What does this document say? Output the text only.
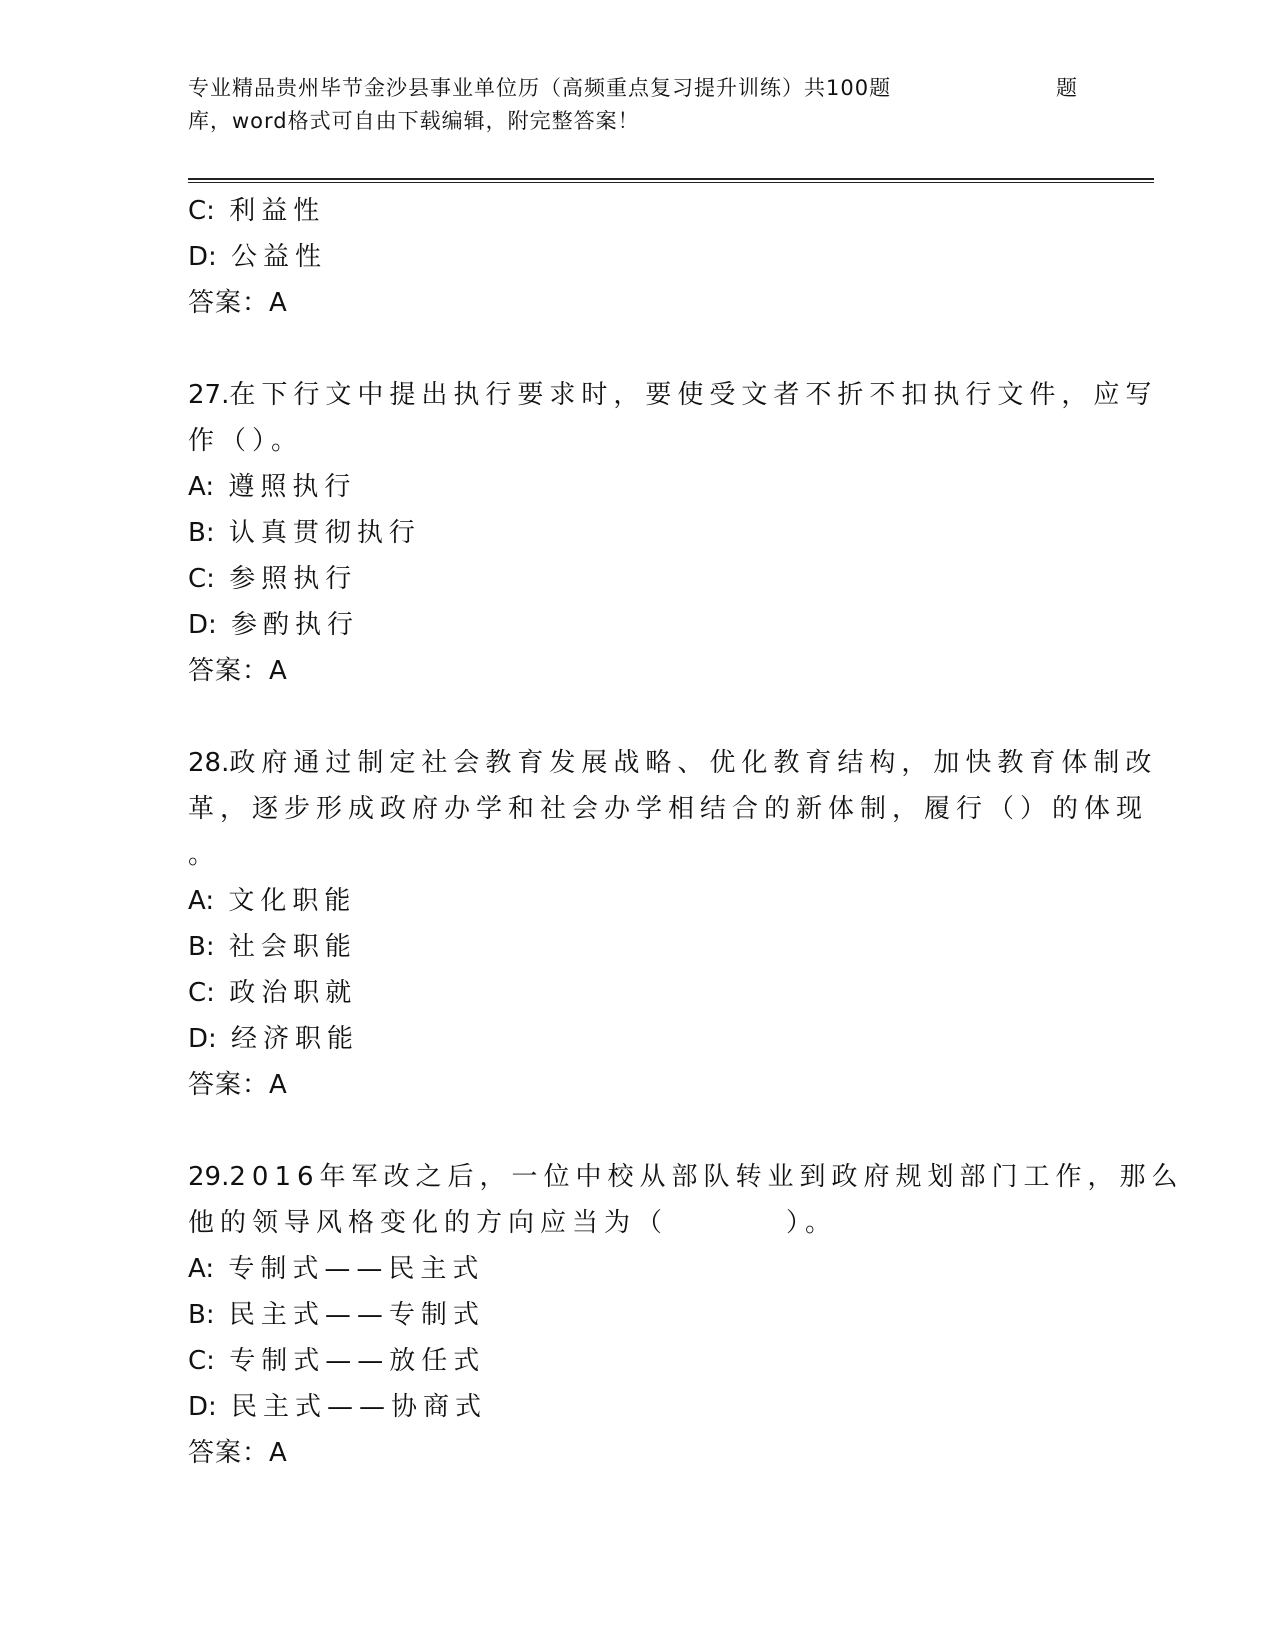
专业精品贵州毕节金沙县事业单位历（高频重点复习提升训练）共100题	题
库，word格式可自由下载编辑，附完整答案！
C: 利益性
D: 公益性
答案：A
27.在下行文中提出执行要求时，要使受文者不折不扣执行文件，应写
作（）。
A: 遵照执行
B: 认真贯彻执行
C: 参照执行
D: 参酌执行
答案：A
28.政府通过制定社会教育发展战略、优化教育结构，加快教育体制改
革，逐步形成政府办学和社会办学相结合的新体制，履行（）的体现
。
A: 文化职能
B: 社会职能
C: 政治职就
D: 经济职能
答案：A
29.2016年军改之后，一位中校从部队转业到政府规划部门工作，那么
他的领导风格变化的方向应当为（	）。
A: 专制式——民主式
B: 民主式——专制式
C: 专制式——放任式
D: 民主式——协商式
答案：A
